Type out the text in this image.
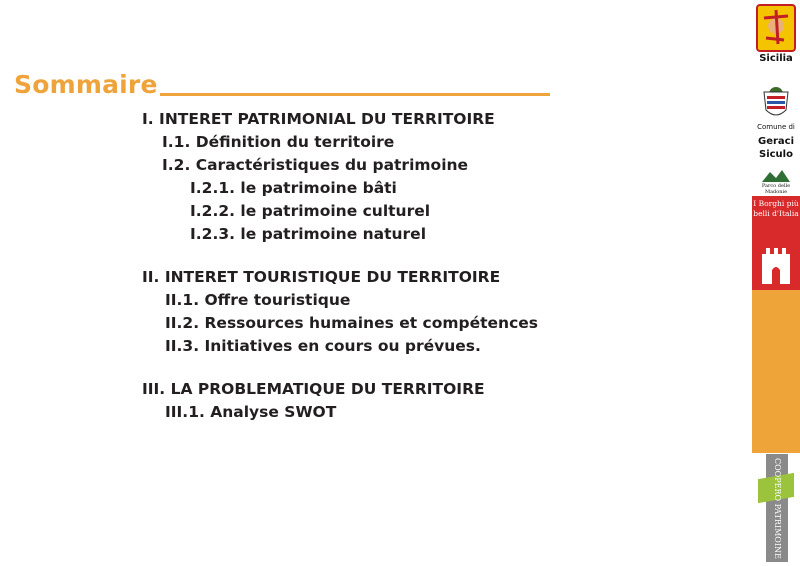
Sommaire
I. INTERET PATRIMONIAL DU TERRITOIRE
I.1. Définition du territoire
I.2. Caractéristiques du patrimoine
I.2.1. le patrimoine bâti
I.2.2. le patrimoine culturel
I.2.3. le patrimoine naturel
II. INTERET TOURISTIQUE DU TERRITOIRE
II.1. Offre touristique
II.2. Ressources humaines et compétences
II.3. Initiatives en cours ou prévues.
III. LA PROBLEMATIQUE DU TERRITOIRE
III.1. Analyse SWOT
Sicilia
Comune di
Geraci Siculo
Parco delle Madonie
I Borghi più belli d'Italia
COOPERO PATRIMOINE
